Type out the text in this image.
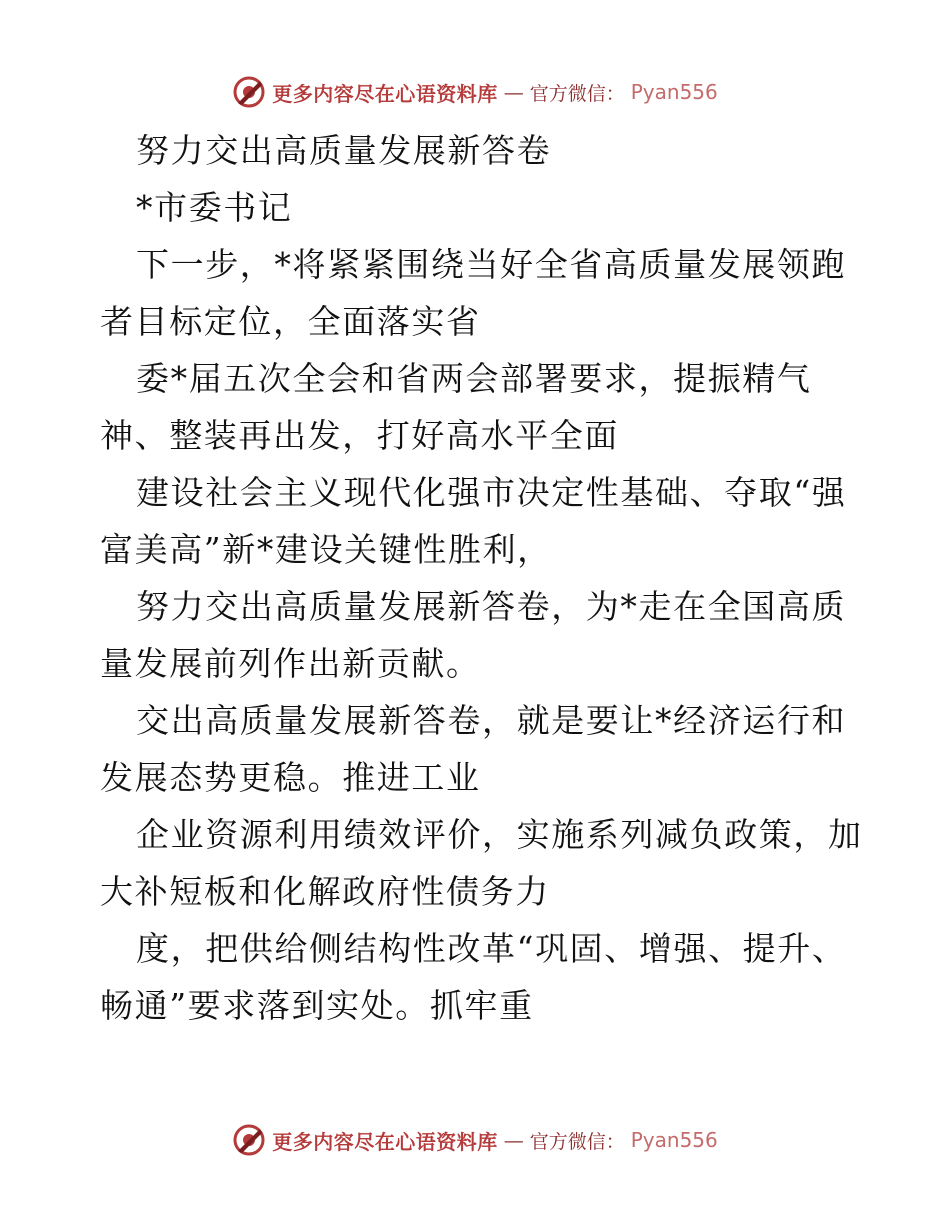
更多内容尽在心语资料库 — 官方微信： Pyan556
努力交出高质量发展新答卷
*市委书记
下一步，*将紧紧围绕当好全省高质量发展领跑
者目标定位，全面落实省
委*届五次全会和省两会部署要求，提振精气
神、整装再出发，打好高水平全面
建设社会主义现代化强市决定性基础、夺取“强
富美高”新*建设关键性胜利，
努力交出高质量发展新答卷，为*走在全国高质
量发展前列作出新贡献。
交出高质量发展新答卷，就是要让*经济运行和
发展态势更稳。推进工业
企业资源利用绩效评价，实施系列减负政策，加
大补短板和化解政府性债务力
度，把供给侧结构性改革“巩固、增强、提升、
畅通”要求落到实处。抓牢重
更多内容尽在心语资料库 — 官方微信： Pyan556
